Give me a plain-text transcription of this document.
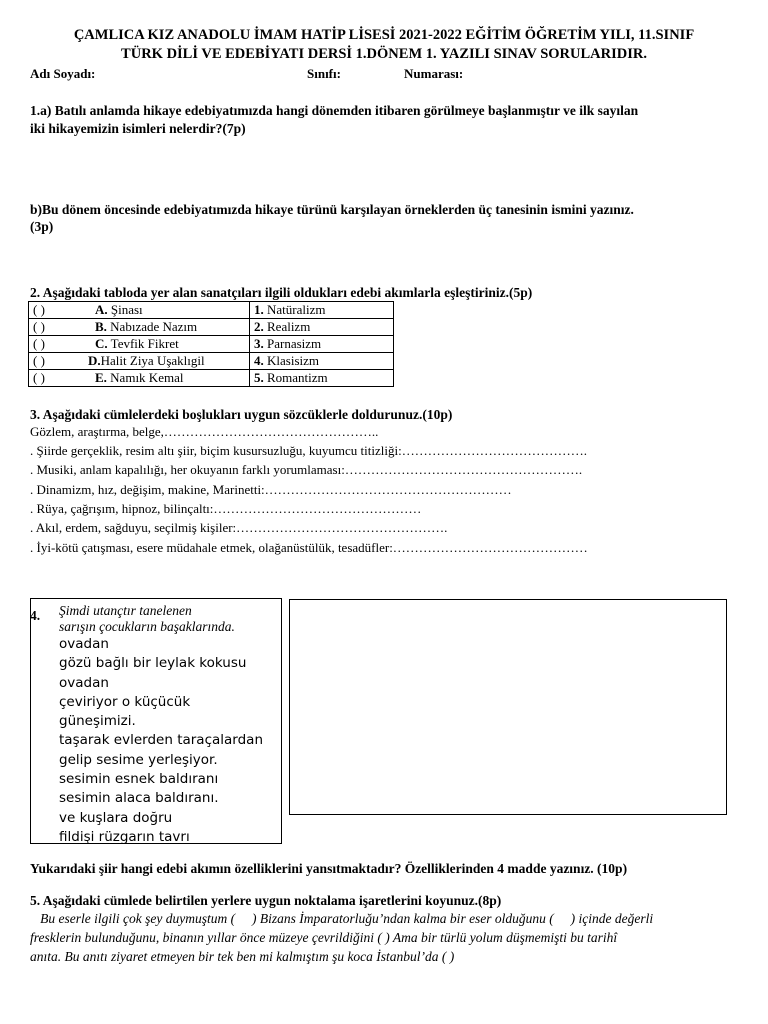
ÇAMLICA KIZ ANADOLU İMAM HATİP LİSESİ 2021-2022 EĞİTİM ÖĞRETİM YILI, 11.SINIF
TÜRK DİLİ VE EDEBİYATI DERSİ 1.DÖNEM 1. YAZILI SINAV SORULARIDIR.
Adı Soyadı:	Sınıfı:	Numarası:
1.a) Batılı anlamda hikaye edebiyatımızda hangi dönemden itibaren görülmeye başlanmıştır ve ilk sayılan
iki hikayemizin isimleri nelerdir?(7p)
b)Bu dönem öncesinde edebiyatımızda hikaye türünü karşılayan örneklerden üç tanesinin ismini yazınız.
(3p)
2. Aşağıdaki tabloda yer alan sanatçıları ilgili oldukları edebi akımlarla eşleştiriniz.(5p)
( ) A. Şinası	1. Natüralizm
( ) B. Nabızade Nazım	2. Realizm
( ) C. Tevfik Fikret	3. Parnasizm
( ) D.Halit Ziya Uşaklıgil	4. Klasisizm
( ) E. Namık Kemal	5. Romantizm
3. Aşağıdaki cümlelerdeki boşlukları uygun sözcüklerle doldurunuz.(10p)
Gözlem, araştırma, belge,…………………………………………..
. Şiirde gerçeklik, resim altı şiir, biçim kusursuzluğu, kuyumcu titizliği:…………………………………….
. Musiki, anlam kapalılığı, her okuyanın farklı yorumlaması:……………………………………………….
. Dinamizm, hız, değişim, makine, Marinetti:…………………………………………………
. Rüya, çağrışım, hipnoz, bilinçaltı:…………………………………………
. Akıl, erdem, sağduyu, seçilmiş kişiler:………………………………………….
. İyi-kötü çatışması, esere müdahale etmek, olağanüstülük, tesadüfler:………………………………………
4. Şimdi utançtır tanelenen
sarışın çocukların başaklarında.
ovadan
gözü bağlı bir leylak kokusu
ovadan
çeviriyor o küçücük
güneşimizi.
taşarak evlerden taraçalardan
gelip sesime yerleşiyor.
sesimin esnek baldıranı
sesimin alaca baldıranı.
ve kuşlara doğru
fildişi rüzgarın tavrı
Yukarıdaki şiir hangi edebi akımın özelliklerini yansıtmaktadır? Özelliklerinden 4 madde yazınız. (10p)
5. Aşağıdaki cümlede belirtilen yerlere uygun noktalama işaretlerini koyunuz.(8p)
Bu eserle ilgili çok şey duymuştum (     ) Bizans İmparatorluğu’ndan kalma bir eser olduğunu (     ) içinde değerli
fresklerin bulunduğunu, binanın yıllar önce müzeye çevrildiğini ( ) Ama bir türlü yolum düşmemişti bu tarihî
anıta. Bu anıtı ziyaret etmeyen bir tek ben mi kalmıştım şu koca İstanbul’da ( )
